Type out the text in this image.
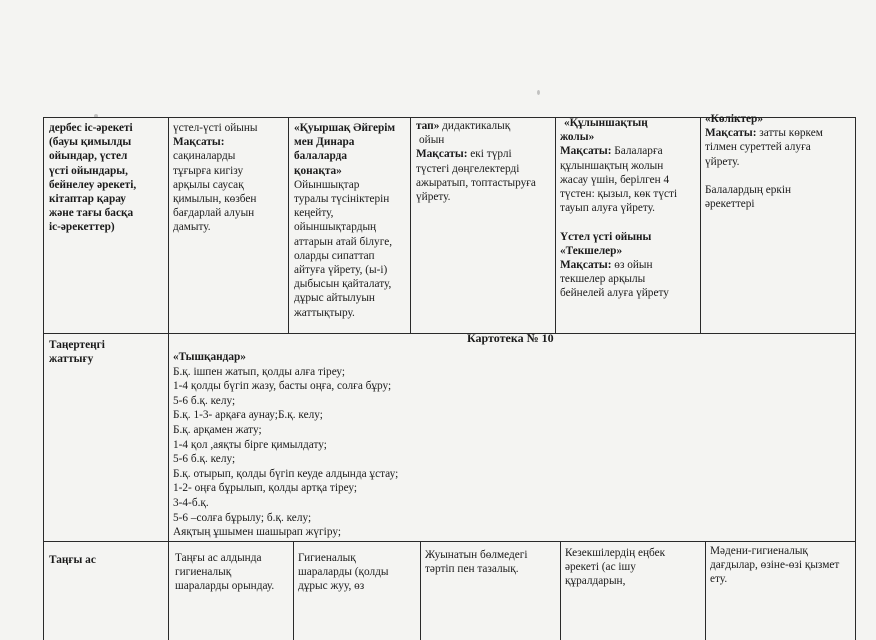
дербес іс-әрекеті
(бауы қимылды
ойындар, үстел
үсті ойындары,
бейнелеу әрекеті,
кітаптар қарау
және тағы басқа
іс-әрекеттер)
үстел-үсті ойыны
Мақсаты:
сақиналарды
тұғырға кигізу
арқылы саусақ
қимылын, көзбен
бағдарлай алуын
дамыту.
«Қуыршақ Әйгерім
мен Динара
балаларда
қонақта»
Ойыншықтар
туралы түсініктерін
кеңейту,
ойыншықтардың
аттарын атай білуге,
оларды сипаттап
айтуға үйрету, (ы-і)
дыбысын қайталату,
дұрыс айтылуын
жаттықтыру.
тап» дидактикалық
ойын
Мақсаты: екі түрлі
түстегі дөңгелектерді
ажыратып, топтастыруға
үйрету.
«Құлыншақтың
жолы»
Мақсаты: Балаларға
құлыншақтың жолын
жасау үшін, берілген 4
түстен: қызыл, көк түсті
тауып алуға үйрету.

Үстел үсті ойыны
«Текшелер»
Мақсаты: өз ойын
текшелер арқылы
бейнелей алуға үйрету
«Көліктер»
Мақсаты: затты көркем
тілмен суреттей алуға
үйрету.

Балалардың еркін
әрекеттері
Таңертеңгі
жаттығу
Картотека № 10
«Тышқандар»
Б.қ. ішпен жатып, қолды алға тіреу;
1-4 қолды бүгіп жазу, басты оңға, солға бұру;
5-6 б.қ. келу;
Б.қ. 1-3- арқаға аунау;Б.қ. келу;
Б.қ. арқамен жату;
1-4 қол ,аяқты бірге қимылдату;
5-6 б.қ. келу;
Б.қ. отырып, қолды бүгіп кеуде алдында ұстау;
1-2- оңға бұрылып, қолды артқа тіреу;
3-4-б.қ.
5-6 –солға бұрылу; б.қ. келу;
Аяқтың ұшымен шашырап жүгіру;
Таңғы ас	Таңғы ас алдында
гигиеналық
шараларды орындау.
Гигиеналық
шараларды (қолды
дұрыс жуу, өз
Жуынатын бөлмедегі
тәртіп пен тазалық.
Кезекшілердің еңбек
әрекеті (ас ішу
құралдарын,
Мәдени-гигиеналық
дағдылар, өзіне-өзі қызмет
ету.
